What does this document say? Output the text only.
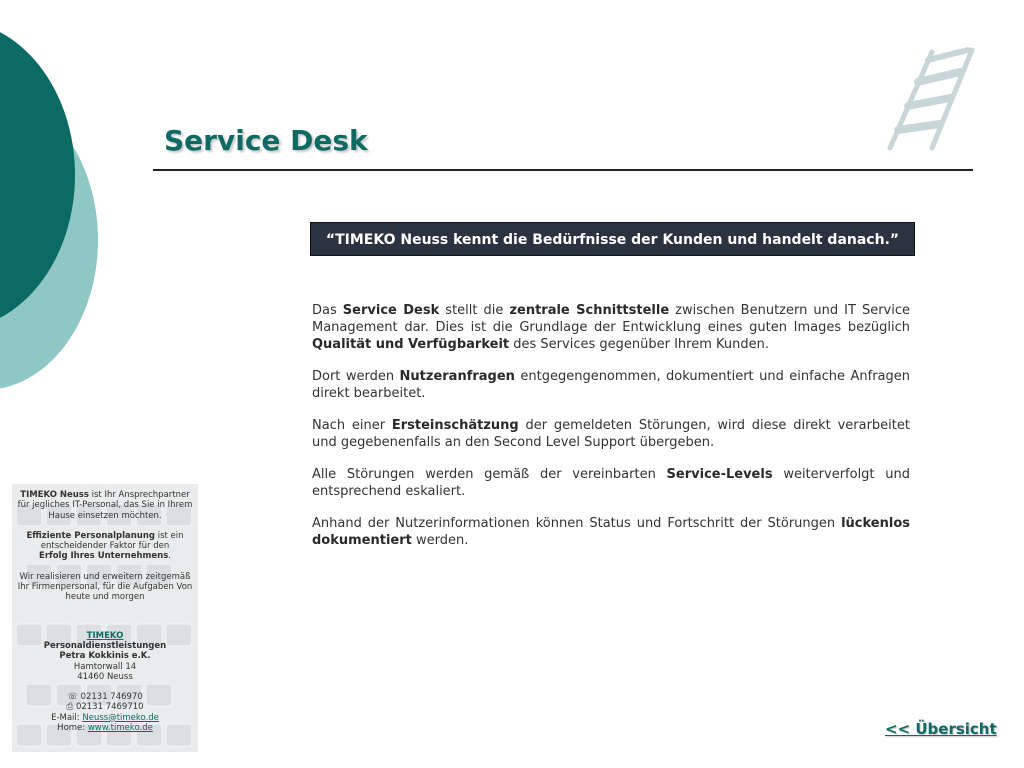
Service Desk
“TIMEKO Neuss kennt die Bedürfnisse der Kunden und handelt danach.”

Das Service Desk stellt die zentrale Schnittstelle zwischen Benutzern und IT Service Management dar. Dies ist die Grundlage der Entwicklung eines guten Images bezüglich Qualität und Verfügbarkeit des Services gegenüber Ihrem Kunden.

Dort werden Nutzeranfragen entgegengenommen, dokumentiert und einfache Anfragen direkt bearbeitet.

Nach einer Ersteinschätzung der gemeldeten Störungen, wird diese direkt verarbeitet und gegebenenfalls an den Second Level Support übergeben.

Alle Störungen werden gemäß der vereinbarten Service-Levels weiterverfolgt und entsprechend eskaliert.

Anhand der Nutzerinformationen können Status und Fortschritt der Störungen lückenlos dokumentiert werden.

TIMEKO Neuss ist Ihr Ansprechpartner für jegliches IT-Personal, das Sie in Ihrem Hause einsetzen möchten.

Effiziente Personalplanung ist ein entscheidender Faktor für den
Erfolg Ihres Unternehmens.

Wir realisieren und erweitern zeitgemäß Ihr Firmenpersonal, für die Aufgaben Von heute und morgen

TIMEKO
Personaldienstleistungen
Petra Kokkinis e.K.
Hamtorwall 14
41460 Neuss
☏ 02131 746970
⎙ 02131 7469710
E-Mail: Neuss@timeko.de
Home: www.timeko.de	<< Übersicht
